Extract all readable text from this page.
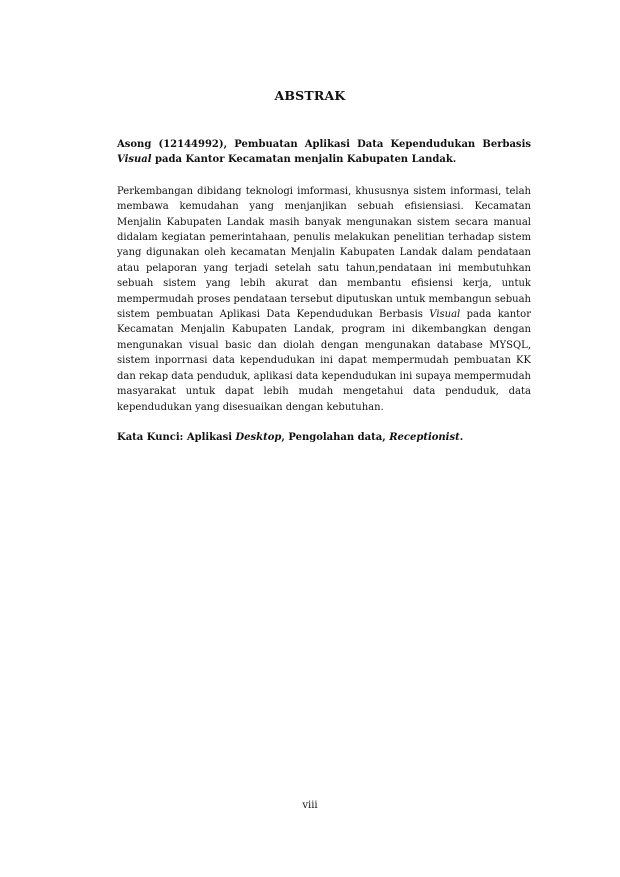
ABSTRAK

Asong (12144992), Pembuatan Aplikasi Data Kependudukan Berbasis
Visual pada Kantor Kecamatan menjalin Kabupaten Landak.

Perkembangan dibidang teknologi imformasi, khususnya sistem informasi, telah membawa kemudahan yang menjanjikan sebuah efisiensiasi. Kecamatan Menjalin Kabupaten Landak masih banyak mengunakan sistem secara manual didalam kegiatan pemerintahaan, penulis melakukan penelitian terhadap sistem yang digunakan oleh kecamatan Menjalin Kabupaten Landak dalam pendataan atau pelaporan yang terjadi setelah satu tahun,pendataan ini membutuhkan sebuah sistem yang lebih akurat dan membantu efisiensi kerja, untuk mempermudah proses pendataan tersebut diputuskan untuk membangun sebuah sistem pembuatan Aplikasi Data Kependudukan Berbasis Visual pada kantor Kecamatan Menjalin Kabupaten Landak, program ini dikembangkan dengan mengunakan visual basic dan diolah dengan mengunakan database MYSQL, sistem inporrnasi data kependudukan ini dapat mempermudah pembuatan KK dan rekap data penduduk, aplikasi data kependudukan ini supaya mempermudah masyarakat untuk dapat lebih mudah mengetahui data penduduk, data kependudukan yang disesuaikan dengan kebutuhan.

Kata Kunci: Aplikasi Desktop, Pengolahan data, Receptionist.

viii
